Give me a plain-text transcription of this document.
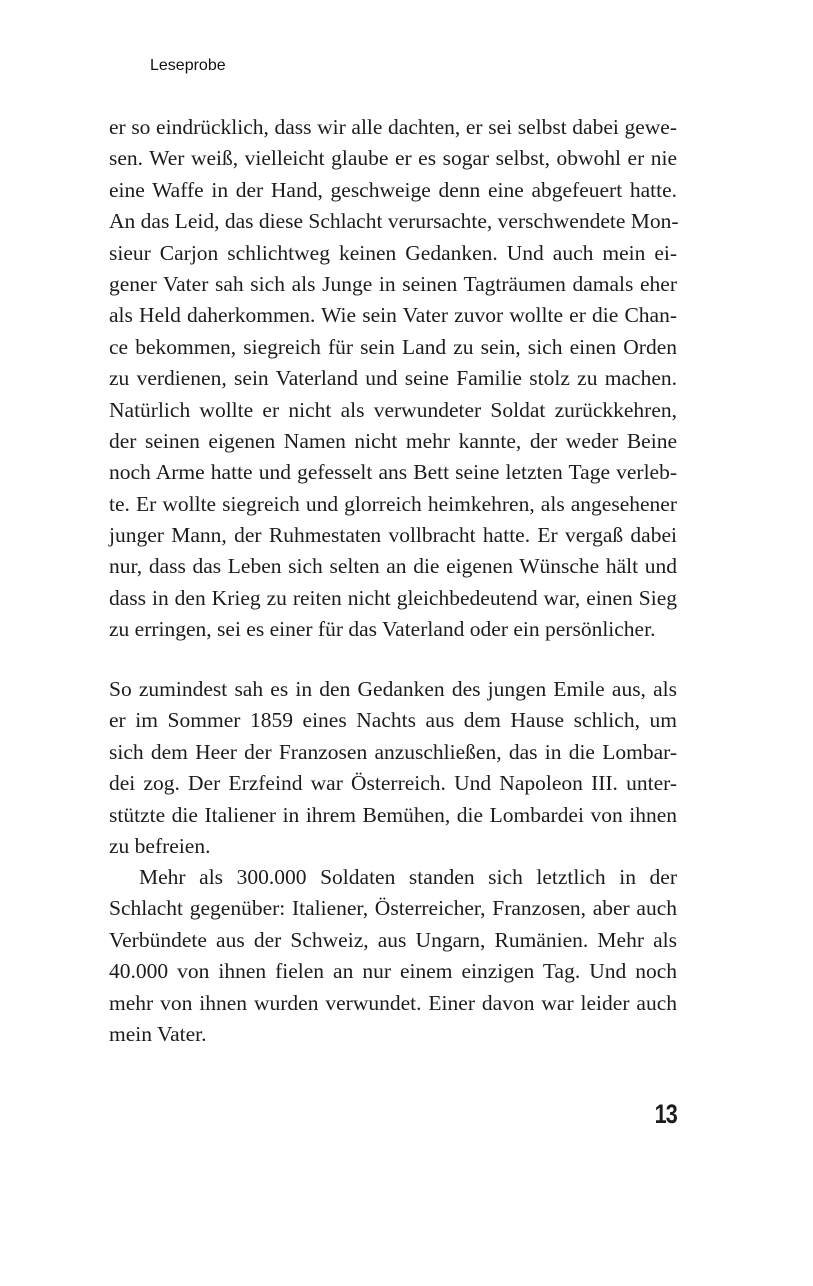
Leseprobe
er so eindrücklich, dass wir alle dachten, er sei selbst dabei gewe-
sen. Wer weiß, vielleicht glaube er es sogar selbst, obwohl er nie
eine Waffe in der Hand, geschweige denn eine abgefeuert hatte.
An das Leid, das diese Schlacht verursachte, verschwendete Mon-
sieur Carjon schlichtweg keinen Gedanken. Und auch mein ei-
gener Vater sah sich als Junge in seinen Tagträumen damals eher
als Held daherkommen. Wie sein Vater zuvor wollte er die Chan-
ce bekommen, siegreich für sein Land zu sein, sich einen Orden
zu verdienen, sein Vaterland und seine Familie stolz zu machen.
Natürlich wollte er nicht als verwundeter Soldat zurückkehren,
der seinen eigenen Namen nicht mehr kannte, der weder Beine
noch Arme hatte und gefesselt ans Bett seine letzten Tage verleb-
te. Er wollte siegreich und glorreich heimkehren, als angesehener
junger Mann, der Ruhmestaten vollbracht hatte. Er vergaß dabei
nur, dass das Leben sich selten an die eigenen Wünsche hält und
dass in den Krieg zu reiten nicht gleichbedeutend war, einen Sieg
zu erringen, sei es einer für das Vaterland oder ein persönlicher.
So zumindest sah es in den Gedanken des jungen Emile aus, als
er im Sommer 1859 eines Nachts aus dem Hause schlich, um
sich dem Heer der Franzosen anzuschließen, das in die Lombar-
dei zog. Der Erzfeind war Österreich. Und Napoleon III. unter-
stützte die Italiener in ihrem Bemühen, die Lombardei von ihnen
zu befreien.
Mehr als 300.000 Soldaten standen sich letztlich in der
Schlacht gegenüber: Italiener, Österreicher, Franzosen, aber auch
Verbündete aus der Schweiz, aus Ungarn, Rumänien. Mehr als
40.000 von ihnen fielen an nur einem einzigen Tag. Und noch
mehr von ihnen wurden verwundet. Einer davon war leider auch
mein Vater.
13
